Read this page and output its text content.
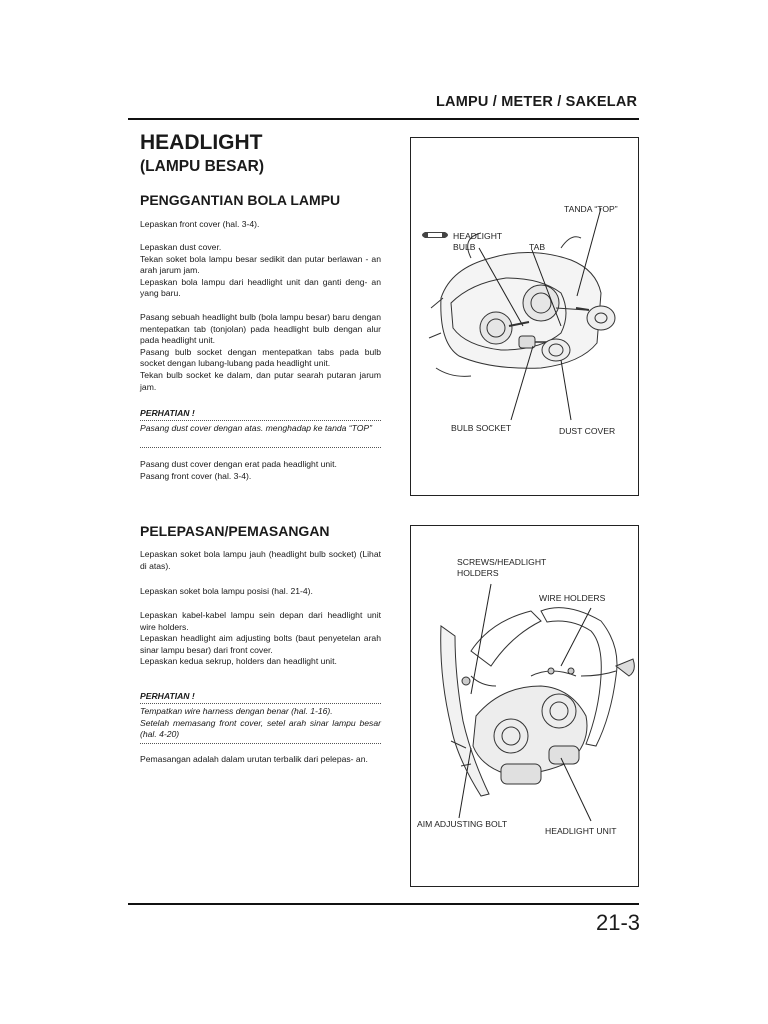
LAMPU / METER / SAKELAR
HEADLIGHT
(LAMPU BESAR)
PENGGANTIAN BOLA LAMPU

Lepaskan front cover (hal. 3-4).

Lepaskan dust cover.

Tekan soket bola lampu besar sedikit dan putar berlawan - an arah jarum jam.

Lepaskan bola lampu dari headlight unit dan ganti deng- an yang baru.

Pasang sebuah headlight bulb (bola lampu besar) baru dengan mentepatkan tab (tonjolan) pada headlight bulb dengan alur pada headlight unit.

Pasang bulb socket dengan mentepatkan tabs pada bulb socket dengan lubang-lubang pada headlight unit.

Tekan bulb socket ke dalam, dan putar searah putaran jarum jam.

PERHATIAN !
Pasang dust cover dengan atas. menghadap ke tanda “TOP”

Pasang dust cover dengan erat pada headlight unit.

Pasang front cover (hal. 3-4).

PELEPASAN/PEMASANGAN

Lepaskan soket bola lampu jauh (headlight bulb socket) (Lihat di atas).

Lepaskan soket bola lampu posisi (hal. 21-4).

Lepaskan kabel-kabel lampu sein depan dari headlight unit wire holders.

Lepaskan headlight aim adjusting bolts (baut penyetelan arah sinar lampu besar) dari front cover.

Lepaskan kedua sekrup, holders dan headlight unit.

PERHATIAN !
Tempatkan wire harness dengan benar (hal. 1-16).
Setelah memasang front cover, setel arah sinar lampu besar (hal. 4-20)

Pemasangan adalah dalam urutan terbalik dari pelepas- an.

TANDA “TOP”
HEADLIGHT
BULB	TAB
BULB SOCKET	DUST COVER
SCREWS/HEADLIGHT
HOLDERS
WIRE HOLDERS
AIM ADJUSTING BOLT
HEADLIGHT UNIT
21-3
